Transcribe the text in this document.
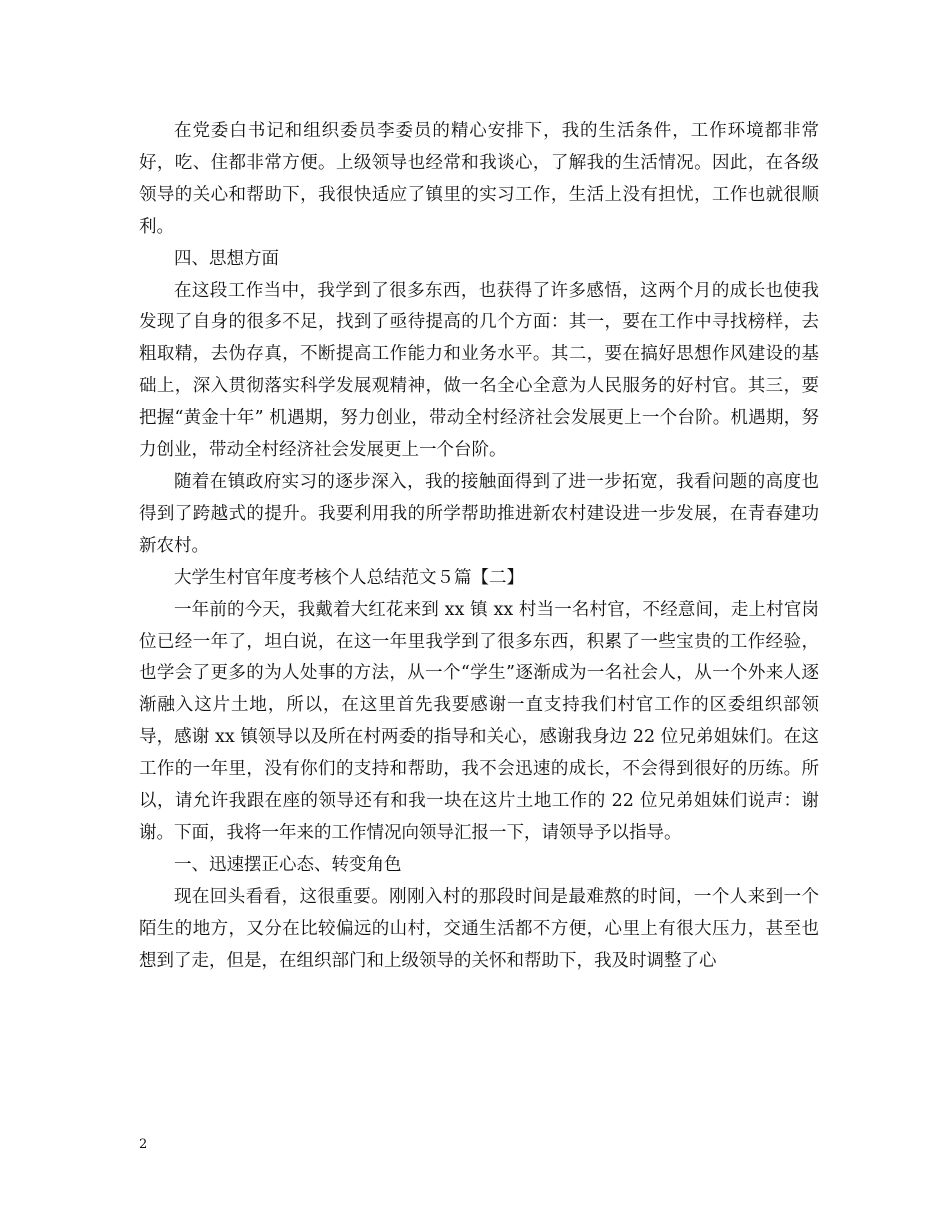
在党委白书记和组织委员李委员的精心安排下，我的生活条件，工作环境都非常好，吃、住都非常方便。上级领导也经常和我谈心，了解我的生活情况。因此，在各级领导的关心和帮助下，我很快适应了镇里的实习工作，生活上没有担忧，工作也就很顺利。

四、思想方面

在这段工作当中，我学到了很多东西，也获得了许多感悟，这两个月的成长也使我发现了自身的很多不足，找到了亟待提高的几个方面：其一，要在工作中寻找榜样，去粗取精，去伪存真，不断提高工作能力和业务水平。其二，要在搞好思想作风建设的基础上，深入贯彻落实科学发展观精神，做一名全心全意为人民服务的好村官。其三，要把握“黄金十年” 机遇期，努力创业，带动全村经济社会发展更上一个台阶。机遇期，努力创业，带动全村经济社会发展更上一个台阶。

随着在镇政府实习的逐步深入，我的接触面得到了进一步拓宽，我看问题的高度也得到了跨越式的提升。我要利用我的所学帮助推进新农村建设进一步发展，在青春建功新农村。

大学生村官年度考核个人总结范文５篇【二】

一年前的今天，我戴着大红花来到 xx 镇 xx 村当一名村官，不经意间，走上村官岗位已经一年了，坦白说，在这一年里我学到了很多东西，积累了一些宝贵的工作经验，也学会了更多的为人处事的方法，从一个“学生”逐渐成为一名社会人，从一个外来人逐渐融入这片土地，所以，在这里首先我要感谢一直支持我们村官工作的区委组织部领导，感谢 xx 镇领导以及所在村两委的指导和关心，感谢我身边 22 位兄弟姐妹们。在这工作的一年里，没有你们的支持和帮助，我不会迅速的成长，不会得到很好的历练。所以，请允许我跟在座的领导还有和我一块在这片土地工作的 22 位兄弟姐妹们说声：谢谢。下面，我将一年来的工作情况向领导汇报一下，请领导予以指导。

一、迅速摆正心态、转变角色

现在回头看看，这很重要。刚刚入村的那段时间是最难熬的时间，一个人来到一个陌生的地方，又分在比较偏远的山村，交通生活都不方便，心里上有很大压力，甚至也想到了走，但是，在组织部门和上级领导的关怀和帮助下，我及时调整了心

2
